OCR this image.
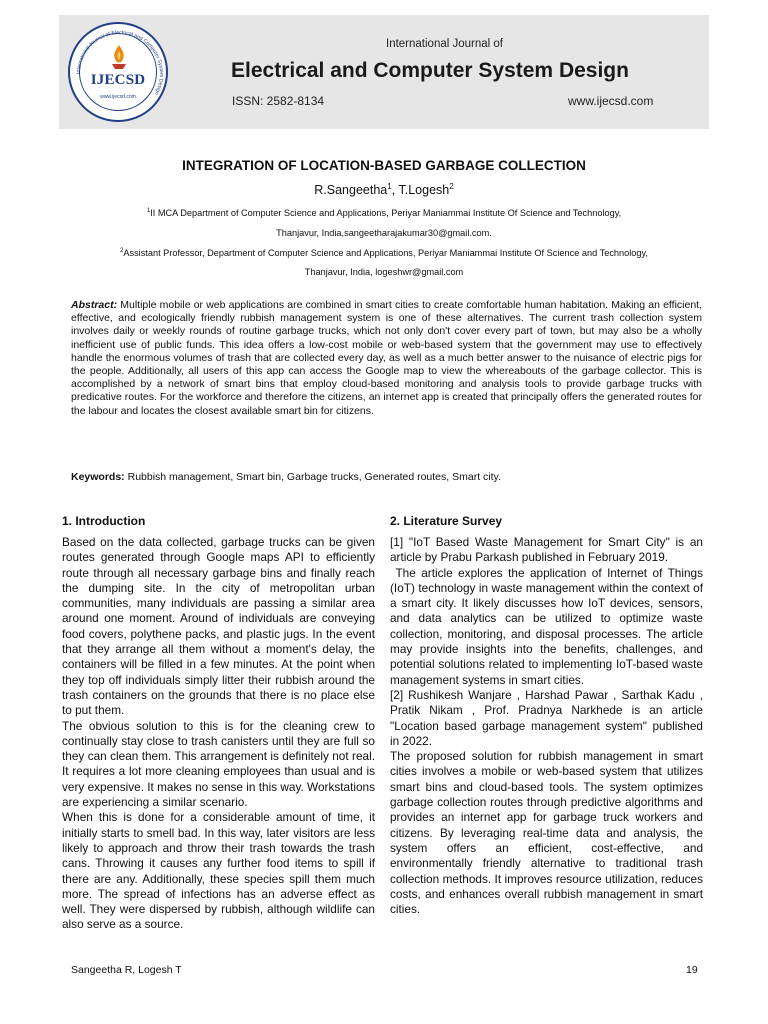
International Journal of Electrical and Computer System Design
IJECSD
www.ijecsd.com
International Journal of
Electrical and Computer System Design
ISSN: 2582-8134	www.ijecsd.com
INTEGRATION OF LOCATION-BASED GARBAGE COLLECTION
R.Sangeetha$^1$, T.Logesh$^2$
$^1$II MCA Department of Computer Science and Applications, Periyar Maniammai Institute Of Science and Technology,
Thanjavur, India,sangeetharajakumar30@gmail.com.
$^2$Assistant Professor, Department of Computer Science and Applications, Periyar Maniammai Institute Of Science and Technology,
Thanjavur, India, logeshwr@gmail.com
Abstract: Multiple mobile or web applications are combined in smart cities to create comfortable human habitation. Making an efficient, effective, and ecologically friendly rubbish management system is one of these alternatives. The current trash collection system involves daily or weekly rounds of routine garbage trucks, which not only don't cover every part of town, but may also be a wholly inefficient use of public funds. This idea offers a low-cost mobile or web-based system that the government may use to effectively handle the enormous volumes of trash that are collected every day, as well as a much better answer to the nuisance of electric pigs for the people. Additionally, all users of this app can access the Google map to view the whereabouts of the garbage collector. This is accomplished by a network of smart bins that employ cloud-based monitoring and analysis tools to provide garbage trucks with predicative routes. For the workforce and therefore the citizens, an internet app is created that principally offers the generated routes for the labour and locates the closest available smart bin for citizens.
Keywords: Rubbish management, Smart bin, Garbage trucks, Generated routes, Smart city.
1. Introduction

Based on the data collected, garbage trucks can be given routes generated through Google maps API to efficiently route through all necessary garbage bins and finally reach the dumping site. In the city of metropolitan urban communities, many individuals are passing a similar area around one moment. Around of individuals are conveying food covers, polythene packs, and plastic jugs. In the event that they arrange all them without a moment's delay, the containers will be filled in a few minutes. At the point when they top off individuals simply litter their rubbish around the trash containers on the grounds that there is no place else to put them.

The obvious solution to this is for the cleaning crew to continually stay close to trash canisters until they are full so they can clean them. This arrangement is definitely not real. It requires a lot more cleaning employees than usual and is very expensive. It makes no sense in this way. Workstations are experiencing a similar scenario.

When this is done for a considerable amount of time, it initially starts to smell bad. In this way, later visitors are less likely to approach and throw their trash towards the trash cans. Throwing it causes any further food items to spill if there are any. Additionally, these species spill them much more. The spread of infections has an adverse effect as well. They were dispersed by rubbish, although wildlife can also serve as a source.

2. Literature Survey

[1] "IoT Based Waste Management for Smart City" is an article by Prabu Parkash published in February 2019.

The article explores the application of Internet of Things (IoT) technology in waste management within the context of a smart city. It likely discusses how IoT devices, sensors, and data analytics can be utilized to optimize waste collection, monitoring, and disposal processes. The article may provide insights into the benefits, challenges, and potential solutions related to implementing IoT-based waste management systems in smart cities.

[2] Rushikesh Wanjare , Harshad Pawar , Sarthak Kadu , Pratik Nikam , Prof. Pradnya Narkhede is an article "Location based garbage management system" published in 2022.

The proposed solution for rubbish management in smart cities involves a mobile or web-based system that utilizes smart bins and cloud-based tools. The system optimizes garbage collection routes through predictive algorithms and provides an internet app for garbage truck workers and citizens. By leveraging real-time data and analysis, the system offers an efficient, cost-effective, and environmentally friendly alternative to traditional trash collection methods. It improves resource utilization, reduces costs, and enhances overall rubbish management in smart cities.

Sangeetha R, Logesh T	19
